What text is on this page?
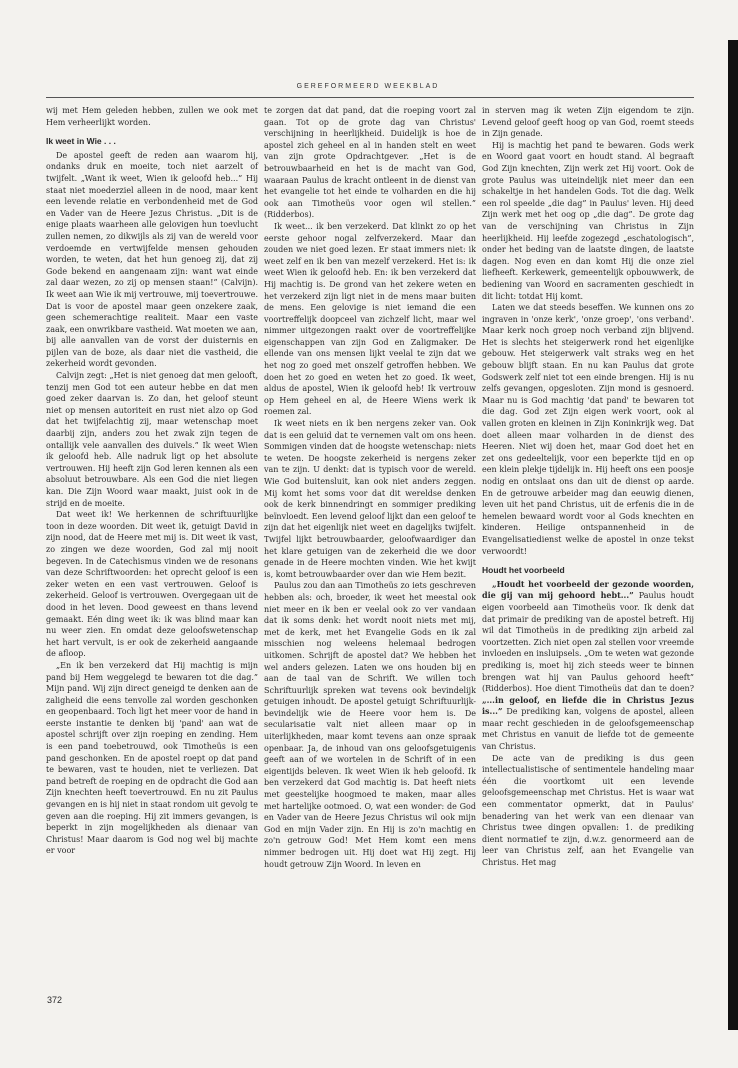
GEREFORMEERD WEEKBLAD

wij met Hem geleden hebben, zullen we ook met Hem verheerlijkt worden.

Ik weet in Wie . . .

De apostel geeft de reden aan waarom hij, ondanks druk en moeite, toch niet aarzelt of twijfelt. „Want ik weet, Wien ik geloofd heb...” Hij staat niet moederziel alleen in de nood, maar kent een levende relatie en verbondenheid met de God en Vader van de Heere Jezus Christus. „Dit is de enige plaats waarheen alle gelovigen hun toevlucht zullen nemen, zo dikwijls als zij van de wereld voor verdoemde en vertwijfelde mensen gehouden worden, te weten, dat het hun genoeg zij, dat zij Gode bekend en aangenaam zijn: want wat einde zal daar wezen, zo zij op mensen staan!” (Calvijn). Ik weet aan Wie ik mij vertrouwe, mij toevertrouwe. Dat is voor de apostel maar geen onzekere zaak, geen schemerachtige realiteit. Maar een vaste zaak, een onwrikbare vastheid. Wat moeten we aan, bij alle aanvallen van de vorst der duisternis en pijlen van de boze, als daar niet die vastheid, die zekerheid wordt gevonden.

Calvijn zegt: „Het is niet genoeg dat men gelooft, tenzij men God tot een auteur hebbe en dat men goed zeker daarvan is. Zo dan, het geloof steunt niet op mensen autoriteit en rust niet alzo op God dat het twijfelachtig zij, maar wetenschap moet daarbij zijn, anders zou het zwak zijn tegen de ontallijk vele aanvallen des duivels.” Ik weet Wien ik geloofd heb. Alle nadruk ligt op het absolute vertrouwen. Hij heeft zijn God leren kennen als een absoluut betrouwbare. Als een God die niet liegen kan. Die Zijn Woord waar maakt, juist ook in de strijd en de moeite.

Dat weet ik! We herkennen de schriftuurlijke toon in deze woorden. Dit weet ik, getuigt David in zijn nood, dat de Heere met mij is. Dit weet ik vast, zo zingen we deze woorden, God zal mij nooit begeven. In de Catechismus vinden we de resonans van deze Schriftwoorden: het oprecht geloof is een zeker weten en een vast vertrouwen. Geloof is zekerheid. Geloof is vertrouwen. Overgegaan uit de dood in het leven. Dood geweest en thans levend gemaakt. Eén ding weet ik: ik was blind maar kan nu weer zien. En omdat deze geloofswetenschap het hart vervult, is er ook de zekerheid aangaande de afloop.

„En ik ben verzekerd dat Hij machtig is mijn pand bij Hem weggelegd te bewaren tot die dag.” Mijn pand. Wij zijn direct geneigd te denken aan de zaligheid die eens tenvolle zal worden geschonken en geopenbaard. Toch ligt het meer voor de hand in eerste instantie te denken bij 'pand' aan wat de apostel schrijft over zijn roeping en zending. Hem is een pand toebetrouwd, ook Timotheüs is een pand geschonken. En de apostel roept op dat pand te bewaren, vast te houden, niet te verliezen. Dat pand betreft de roeping en de opdracht die God aan Zijn knechten heeft toevertrouwd. En nu zit Paulus gevangen en is hij niet in staat rondom uit gevolg te geven aan die roeping. Hij zit immers gevangen, is beperkt in zijn mogelijkheden als dienaar van Christus! Maar daarom is God nog wel bij machte er voor

te zorgen dat dat pand, dat die roeping voort zal gaan. Tot op de grote dag van Christus' verschijning in heerlijkheid. Duidelijk is hoe de apostel zich geheel en al in handen stelt en weet van zijn grote Opdrachtgever. „Het is de betrouwbaarheid en het is de macht van God, waaraan Paulus de kracht ontleent in de dienst van het evangelie tot het einde te volharden en die hij ook aan Timotheüs voor ogen wil stellen.” (Ridderbos).

Ik weet... ik ben verzekerd. Dat klinkt zo op het eerste gehoor nogal zelfverzekerd. Maar dan zouden we niet goed lezen. Er staat immers niet: ik weet zelf en ik ben van mezelf verzekerd. Het is: ik weet Wien ik geloofd heb. En: ik ben verzekerd dat Hij machtig is. De grond van het zekere weten en het verzekerd zijn ligt niet in de mens maar buiten de mens. Een gelovige is niet iemand die een voortreffelijk doopceel van zichzelf licht, maar wel nimmer uitgezongen raakt over de voortreffelijke eigenschappen van zijn God en Zaligmaker. De ellende van ons mensen lijkt veelal te zijn dat we het nog zo goed met onszelf getroffen hebben. We doen het zo goed en weten het zo goed. Ik weet, aldus de apostel, Wien ik geloofd heb! Ik vertrouw op Hem geheel en al, de Heere Wiens werk ik roemen zal.

Ik weet niets en ik ben nergens zeker van. Ook dat is een geluid dat te vernemen valt om ons heen. Sommigen vinden dat de hoogste wetenschap: niets te weten. De hoogste zekerheid is nergens zeker van te zijn. U denkt: dat is typisch voor de wereld. Wie God buitensluit, kan ook niet anders zeggen. Mij komt het soms voor dat dit wereldse denken ook de kerk binnendringt en sommiger prediking beïnvloedt. Een levend geloof lijkt dan een geloof te zijn dat het eigenlijk niet weet en dagelijks twijfelt. Twijfel lijkt betrouwbaarder, geloofwaardiger dan het klare getuigen van de zekerheid die we door genade in de Heere mochten vinden. Wie het kwijt is, komt betrouwbaarder over dan wie Hem bezit.

Paulus zou dan aan Timotheüs zo iets geschreven hebben als: och, broeder, ik weet het meestal ook niet meer en ik ben er veelal ook zo ver vandaan dat ik soms denk: het wordt nooit niets met mij, met de kerk, met het Evangelie Gods en ik zal misschien nog weleens helemaal bedrogen uitkomen. Schrijft de apostel dat? We hebben het wel anders gelezen. Laten we ons houden bij en aan de taal van de Schrift. We willen toch Schriftuurlijk spreken wat tevens ook bevindelijk getuigen inhoudt. De apostel getuigt Schriftuurlijk-bevindelijk wie de Heere voor hem is. De secularisatie valt niet alleen maar op in uiterlijkheden, maar komt tevens aan onze spraak openbaar. Ja, de inhoud van ons geloofsgetuigenis geeft aan of we wortelen in de Schrift of in een eigentijds beleven. Ik weet Wien ik heb geloofd. Ik ben verzekerd dat God machtig is. Dat heeft niets met geestelijke hoogmoed te maken, maar alles met hartelijke ootmoed. O, wat een wonder: de God en Vader van de Heere Jezus Christus wil ook mijn God en mijn Vader zijn. En Hij is zo'n machtig en zo'n getrouw God! Met Hem komt een mens nimmer bedrogen uit. Hij doet wat Hij zegt. Hij houdt getrouw Zijn Woord. In leven en

in sterven mag ik weten Zijn eigendom te zijn. Levend geloof geeft hoog op van God, roemt steeds in Zijn genade.

Hij is machtig het pand te bewaren. Gods werk en Woord gaat voort en houdt stand. Al begraaft God Zijn knechten, Zijn werk zet Hij voort. Ook de grote Paulus was uiteindelijk niet meer dan een schakeltje in het handelen Gods. Tot die dag. Welk een rol speelde „die dag” in Paulus' leven. Hij deed Zijn werk met het oog op „die dag”. De grote dag van de verschijning van Christus in Zijn heerlijkheid. Hij leefde zogezegd „eschatologisch”, onder het beding van de laatste dingen, de laatste dagen. Nog even en dan komt Hij die onze ziel liefheeft. Kerkewerk, gemeentelijk opbouwwerk, de bediening van Woord en sacramenten geschiedt in dit licht: totdat Hij komt.

Laten we dat steeds beseffen. We kunnen ons zo ingraven in 'onze kerk', 'onze groep', 'ons verband'. Maar kerk noch groep noch verband zijn blijvend. Het is slechts het steigerwerk rond het eigenlijke gebouw. Het steigerwerk valt straks weg en het gebouw blijft staan. En nu kan Paulus dat grote Godswerk zelf niet tot een einde brengen. Hij is nu zelfs gevangen, opgesloten. Zijn mond is gesnoerd. Maar nu is God machtig 'dat pand' te bewaren tot die dag. God zet Zijn eigen werk voort, ook al vallen groten en kleinen in Zijn Koninkrijk weg. Dat doet alleen maar volharden in de dienst des Heeren. Niet wij doen het, maar God doet het en zet ons gedeeltelijk, voor een beperkte tijd en op een klein plekje tijdelijk in. Hij heeft ons een poosje nodig en ontslaat ons dan uit de dienst op aarde. En de getrouwe arbeider mag dan eeuwig dienen, leven uit het pand Christus, uit de erfenis die in de hemelen bewaard wordt voor al Gods knechten en kinderen. Heilige ontspannenheid in de Evangelisatiedienst welke de apostel in onze tekst verwoordt!

Houdt het voorbeeld

„Houdt het voorbeeld der gezonde woorden, die gij van mij gehoord hebt...” Paulus houdt eigen voorbeeld aan Timotheüs voor. Ik denk dat dat primair de prediking van de apostel betreft. Hij wil dat Timotheüs in de prediking zijn arbeid zal voortzetten. Zich niet open zal stellen voor vreemde invloeden en insluipsels. „Om te weten wat gezonde prediking is, moet hij zich steeds weer te binnen brengen wat hij van Paulus gehoord heeft” (Ridderbos). Hoe dient Timotheüs dat dan te doen? „...in geloof, en liefde die in Christus Jezus is...” De prediking kan, volgens de apostel, alleen maar recht geschieden in de geloofsgemeenschap met Christus en vanuit de liefde tot de gemeente van Christus.

De acte van de prediking is dus geen intellectualistische of sentimentele handeling maar één die voortkomt uit een levende geloofsgemeenschap met Christus. Het is waar wat een commentator opmerkt, dat in Paulus' benadering van het werk van een dienaar van Christus twee dingen opvallen: 1. de prediking dient normatief te zijn, d.w.z. genormeerd aan de leer van Christus zelf, aan het Evangelie van Christus. Het mag

372
